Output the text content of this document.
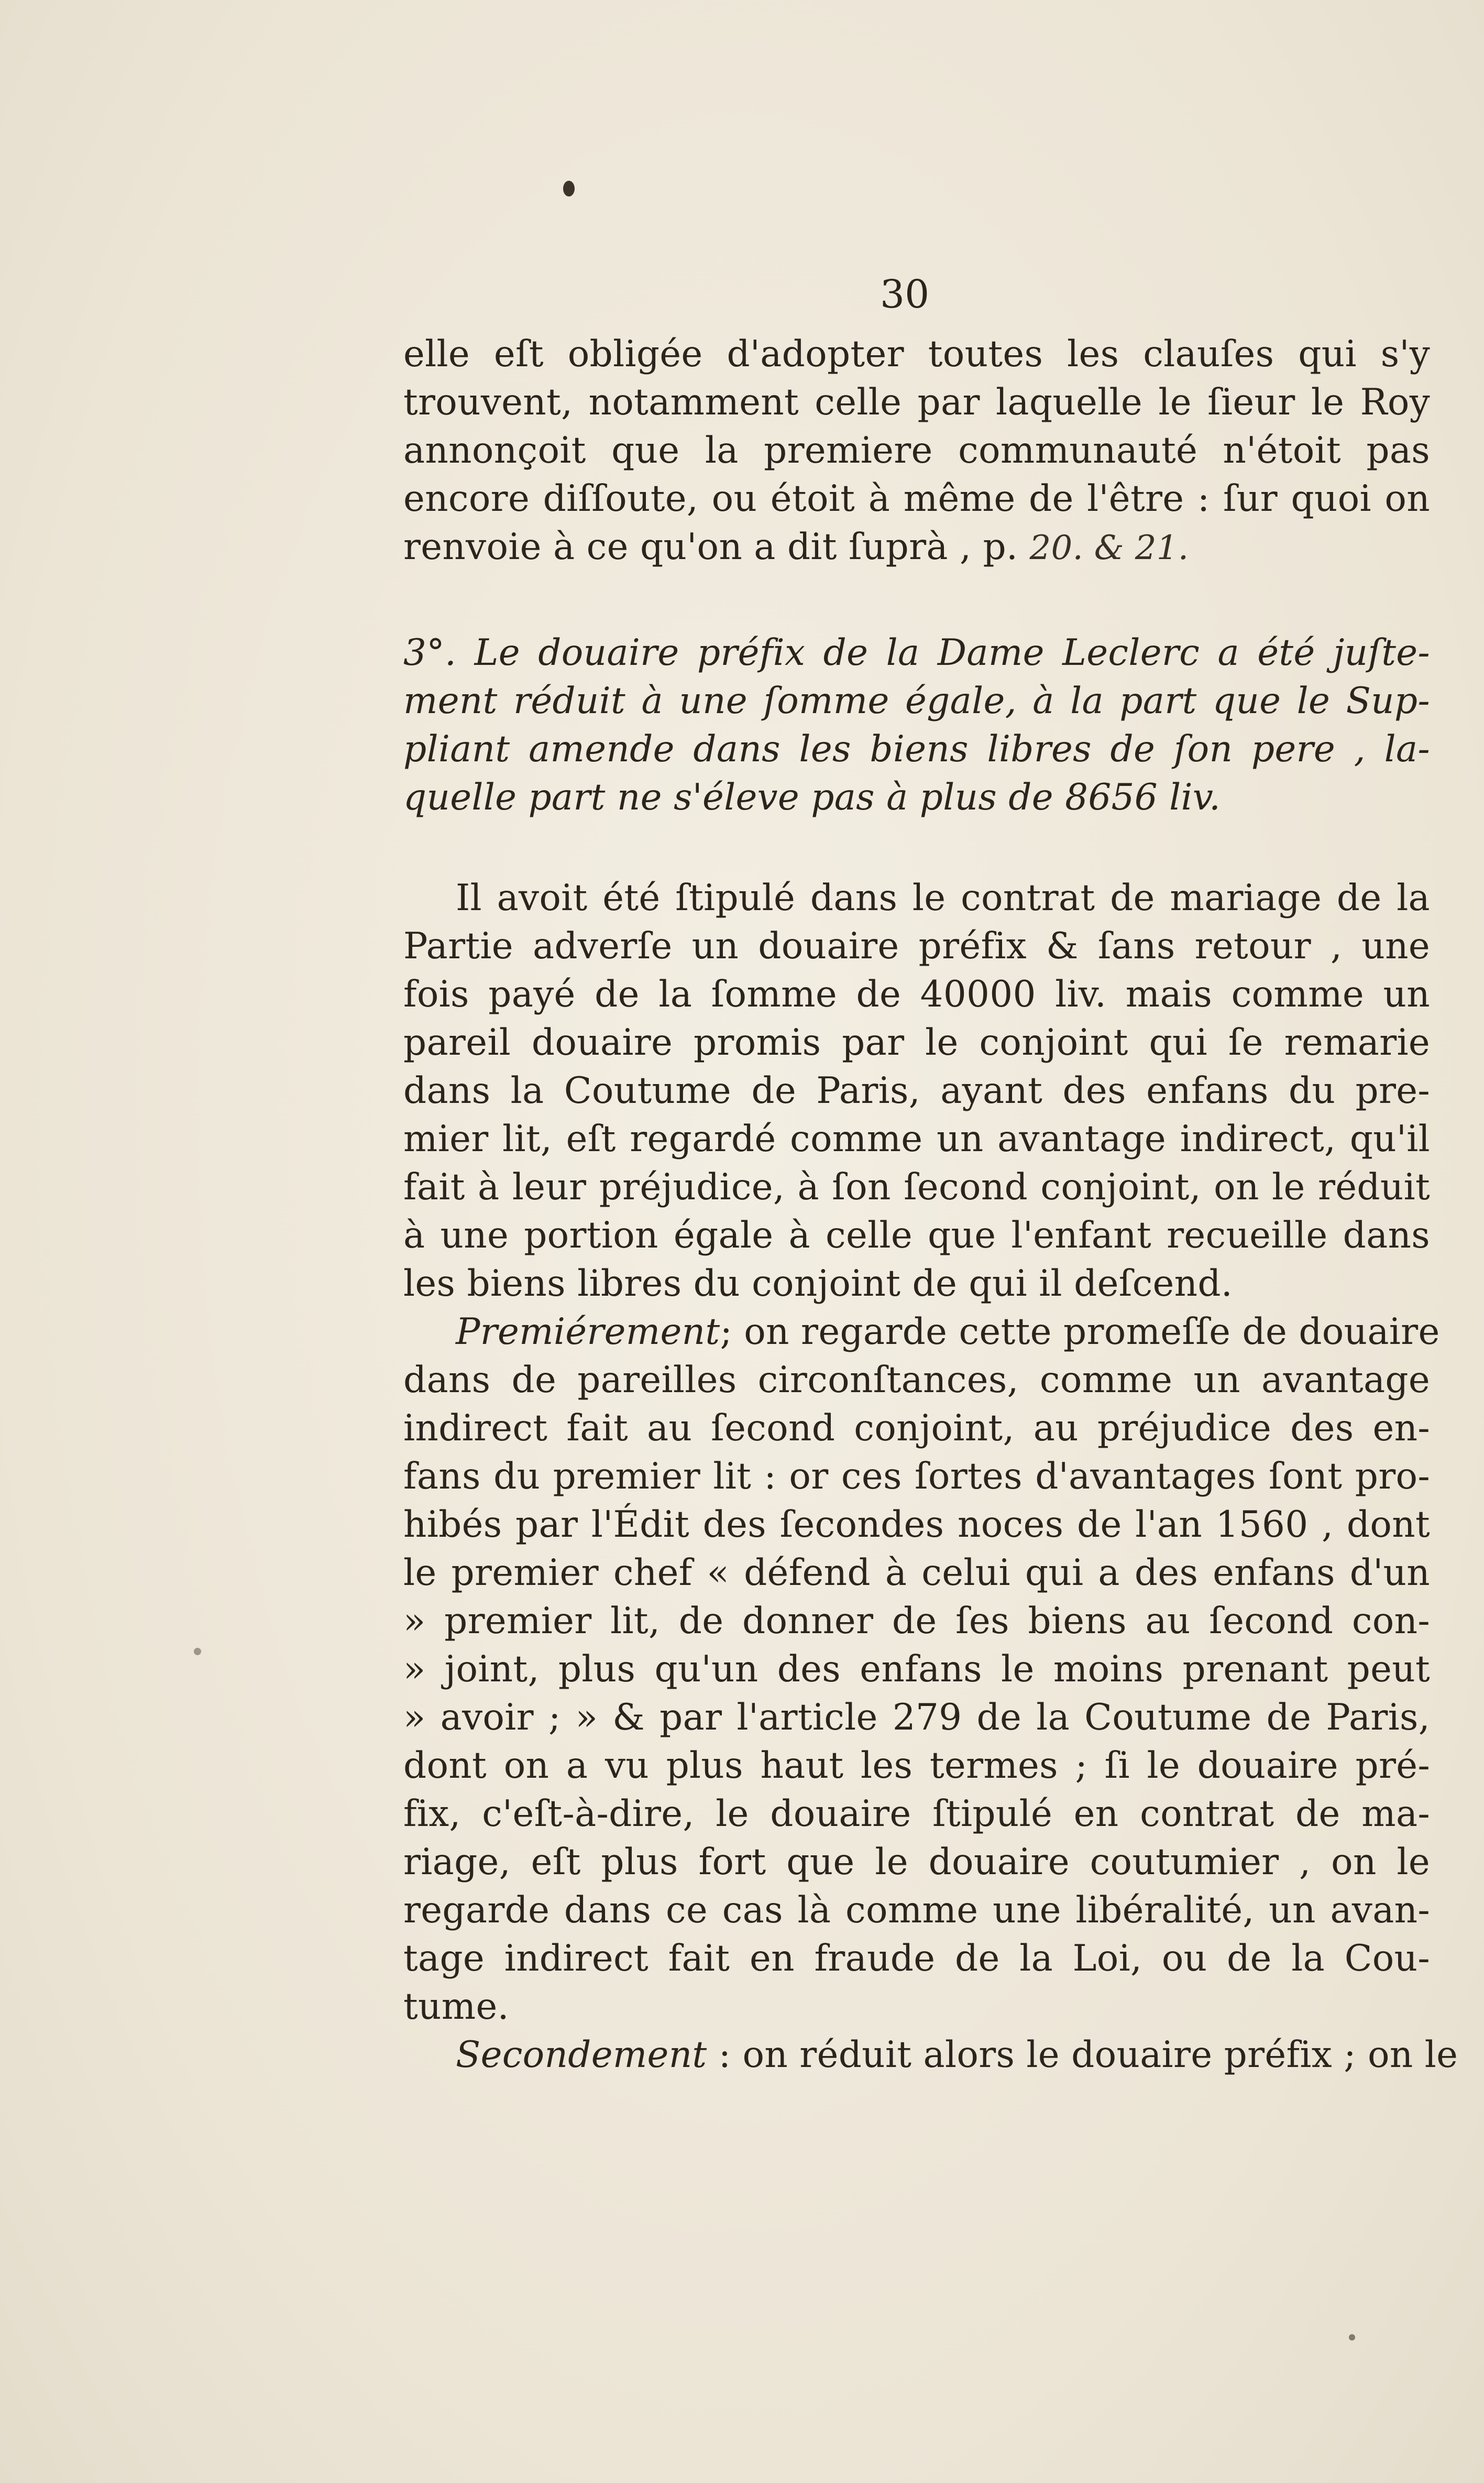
30
elle eſt obligée d'adopter toutes les clauſes qui s'y
trouvent, notamment celle par laquelle le ſieur le Roy
annonçoit que la premiere communauté n'étoit pas
encore diſſoute, ou étoit à même de l'être : ſur quoi on
renvoie à ce qu'on a dit ſuprà , p. 20. & 21.
3°. Le douaire préfix de la Dame Leclerc a été juſte-
ment réduit à une ſomme égale, à la part que le Sup-
pliant amende dans les biens libres de ſon pere , la-
quelle part ne s'éleve pas à plus de 8656 liv.
Il avoit été ſtipulé dans le contrat de mariage de la
Partie adverſe un douaire préfix & ſans retour , une
fois payé de la ſomme de 40000 liv. mais comme un
pareil douaire promis par le conjoint qui ſe remarie
dans la Coutume de Paris, ayant des enfans du pre-
mier lit, eſt regardé comme un avantage indirect, qu'il
fait à leur préjudice, à ſon ſecond conjoint, on le réduit
à une portion égale à celle que l'enfant recueille dans
les biens libres du conjoint de qui il deſcend.
Premiérement; on regarde cette promeſſe de douaire
dans de pareilles circonſtances, comme un avantage
indirect fait au ſecond conjoint, au préjudice des en-
fans du premier lit : or ces ſortes d'avantages ſont pro-
hibés par l'Édit des ſecondes noces de l'an 1560 , dont
le premier chef « défend à celui qui a des enfans d'un
» premier lit, de donner de ſes biens au ſecond con-
» joint, plus qu'un des enfans le moins prenant peut
» avoir ; » & par l'article 279 de la Coutume de Paris,
dont on a vu plus haut les termes ; ſi le douaire pré-
fix, c'eſt-à-dire, le douaire ſtipulé en contrat de ma-
riage, eſt plus fort que le douaire coutumier , on le
regarde dans ce cas là comme une libéralité, un avan-
tage indirect fait en fraude de la Loi, ou de la Cou-
tume.
Secondement : on réduit alors le douaire préfix ; on le
